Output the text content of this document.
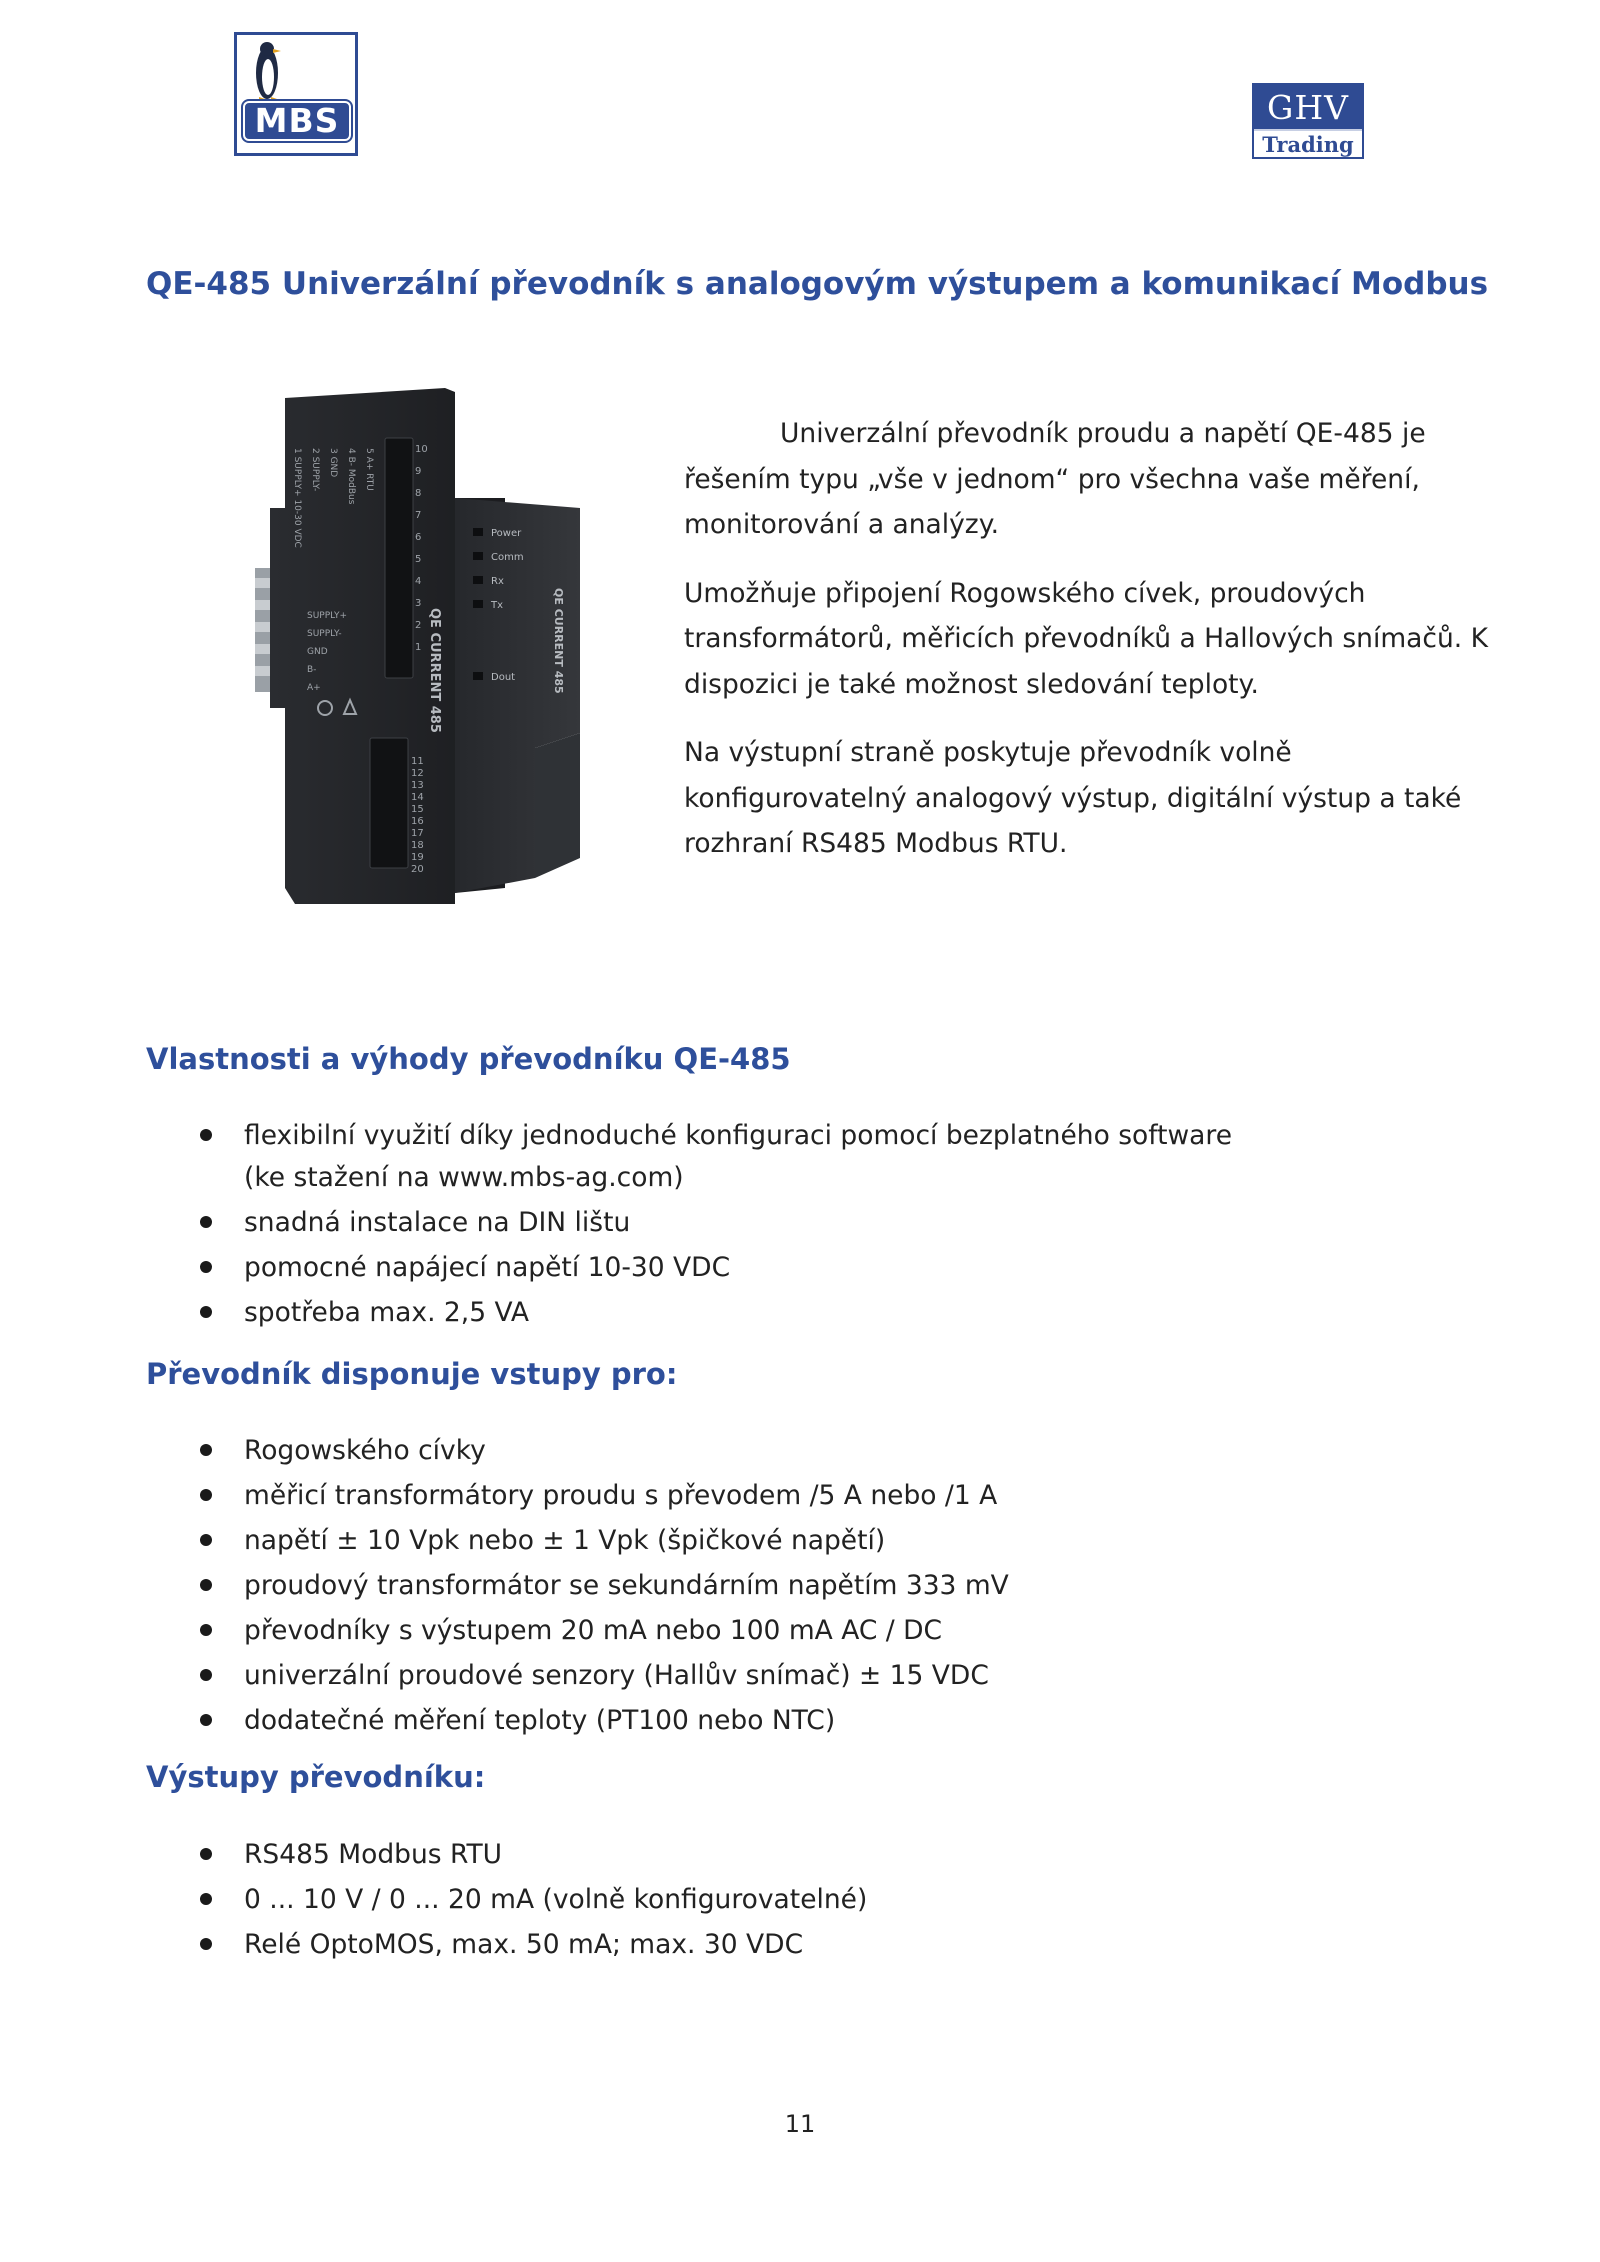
MBS	GHV
Trading
QE-485 Univerzální převodník s analogovým výstupem a komunikací Modbus
1 SUPPLY+ 10-30 VDC 2 SUPPLY- 3 GND 4 B- ModBus 5 A+ RTU
SUPPLY+
SUPPLY-
GND
B-
A+	QE CURRENT 485	QE CURRENT 485
10
9
8
7
6
5
4
3
2
1
11
12
13
14
15
16
17
18
19
20
Power
Comm
Rx
Tx
Dout

Univerzální převodník proudu a napětí QE-485 je řešením typu „vše v jednom“ pro všechna vaše měření, monitorování a analýzy.

Umožňuje připojení Rogowského cívek, proudových transformátorů, měřicích převodníků a Hallových snímačů. K dispozici je také možnost sledování teploty.

Na výstupní straně poskytuje převodník volně konfigurovatelný analogový výstup, digitální výstup a také rozhraní RS485 Modbus RTU.

Vlastnosti a výhody převodníku QE-485
flexibilní využití díky jednoduché konfiguraci pomocí bezplatného software
(ke stažení na www.mbs-ag.com)
snadná instalace na DIN lištu
pomocné napájecí napětí 10-30 VDC
spotřeba max. 2,5 VA
Převodník disponuje vstupy pro:
Rogowského cívky
měřicí transformátory proudu s převodem /5 A nebo /1 A
napětí ± 10 Vpk nebo ± 1 Vpk (špičkové napětí)
proudový transformátor se sekundárním napětím 333 mV
převodníky s výstupem 20 mA nebo 100 mA AC / DC
univerzální proudové senzory (Hallův snímač) ± 15 VDC
dodatečné měření teploty (PT100 nebo NTC)
Výstupy převodníku:
RS485 Modbus RTU
0 ... 10 V / 0 ... 20 mA (volně konfigurovatelné)
Relé OptoMOS, max. 50 mA; max. 30 VDC
11
